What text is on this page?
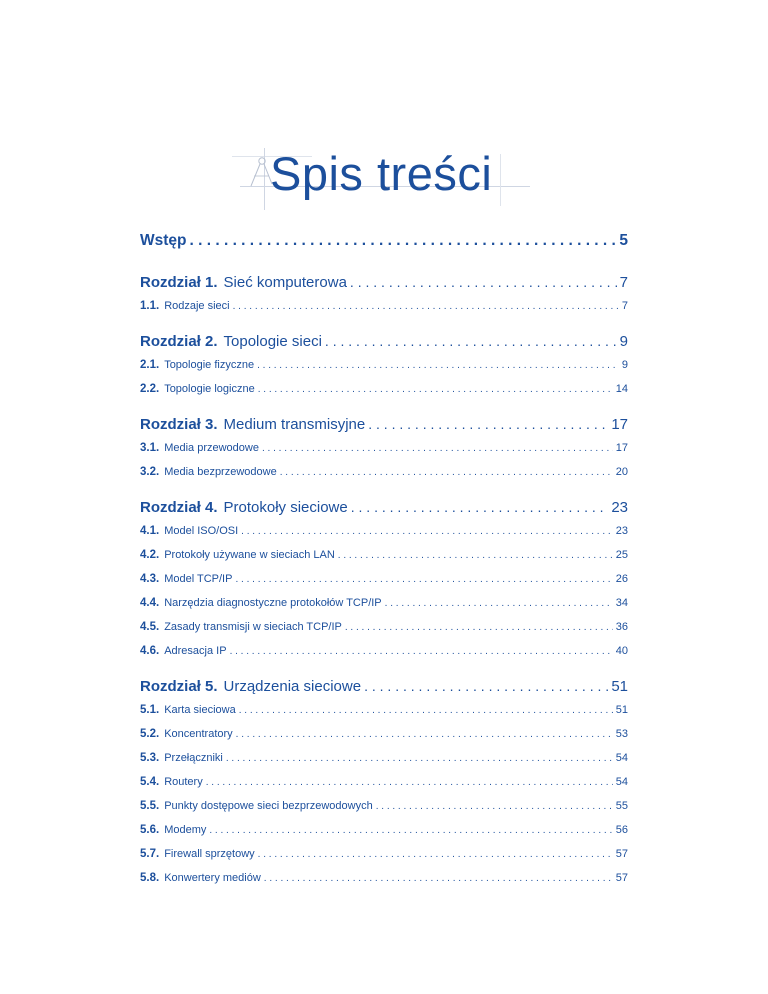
Spis treści
Wstęp . . .	5
Rozdział 1. Sieć komputerowa . . .	7
1.1. Rodzaje sieci . . .	7
Rozdział 2. Topologie sieci . . .	9
2.1. Topologie fizyczne . . .	9
2.2. Topologie logiczne . . .	14
Rozdział 3. Medium transmisyjne . . .	17
3.1. Media przewodowe . . .	17
3.2. Media bezprzewodowe . . .	20
Rozdział 4. Protokoły sieciowe . . .	23
4.1. Model ISO/OSI . . .	23
4.2. Protokoły używane w sieciach LAN . . .	25
4.3. Model TCP/IP . . .	26
4.4. Narzędzia diagnostyczne protokołów TCP/IP . . .	34
4.5. Zasady transmisji w sieciach TCP/IP . . .	36
4.6. Adresacja IP . . .	40
Rozdział 5. Urządzenia sieciowe . . .	51
5.1. Karta sieciowa . . .	51
5.2. Koncentratory . . .	53
5.3. Przełączniki . . .	54
5.4. Routery . . .	54
5.5. Punkty dostępowe sieci bezprzewodowych . . .	55
5.6. Modemy . . .	56
5.7. Firewall sprzętowy . . .	57
5.8. Konwertery mediów . . .	57
